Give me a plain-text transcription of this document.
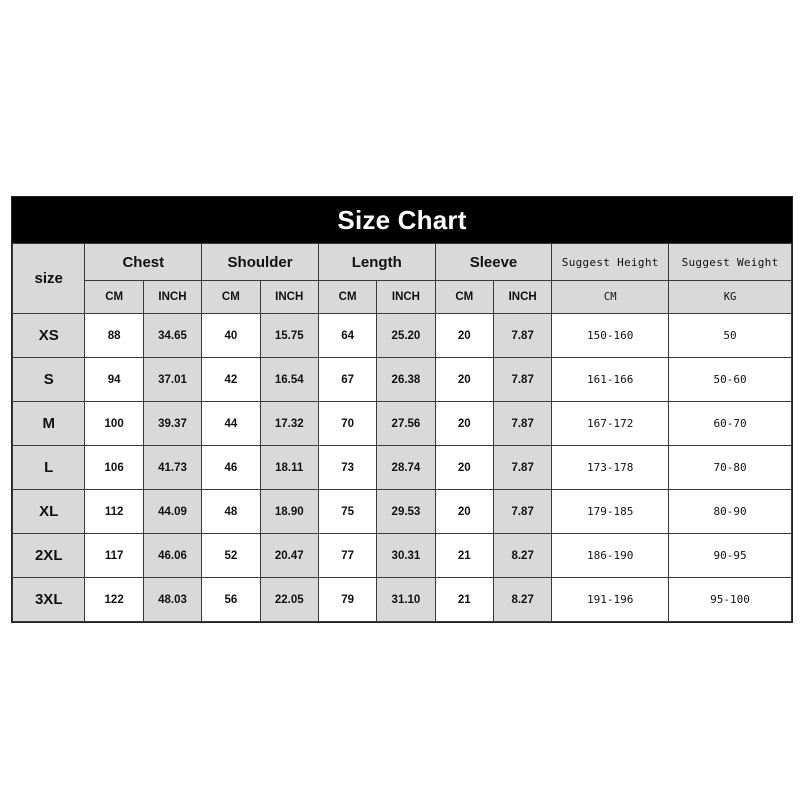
Size Chart
size	Chest		Shoulder		Length		Sleeve		Suggest Height	Suggest Weight
	CM	INCH	CM	INCH	CM	INCH	CM	INCH	CM	KG
XS	88	34.65	40	15.75	64	25.20	20	7.87	150-160	50
S	94	37.01	42	16.54	67	26.38	20	7.87	161-166	50-60
M	100	39.37	44	17.32	70	27.56	20	7.87	167-172	60-70
L	106	41.73	46	18.11	73	28.74	20	7.87	173-178	70-80
XL	112	44.09	48	18.90	75	29.53	20	7.87	179-185	80-90
2XL	117	46.06	52	20.47	77	30.31	21	8.27	186-190	90-95
3XL	122	48.03	56	22.05	79	31.10	21	8.27	191-196	95-100
